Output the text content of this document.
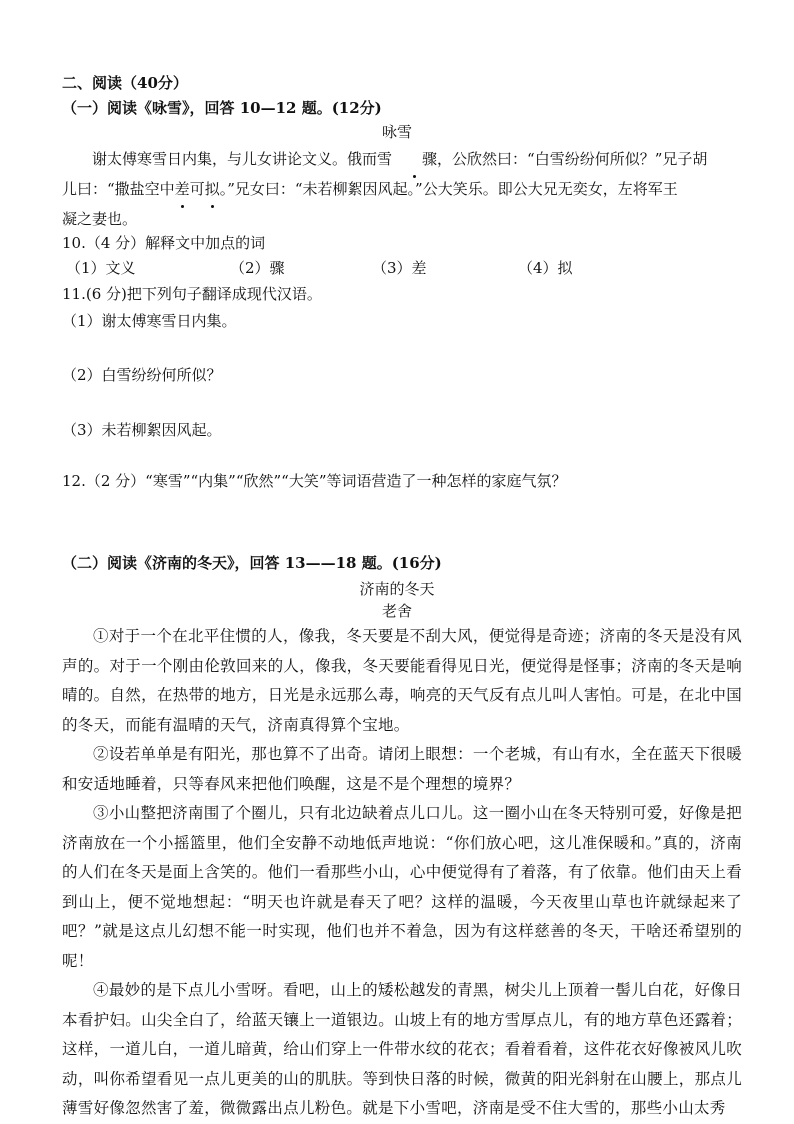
二、阅读（40分）
（一）阅读《咏雪》，回答 10—12 题。(12分)
咏雪

谢太傅寒雪日内集，与儿女讲论文义。俄而雪 骤，公欣然曰：“白雪纷纷何所似？”兄子胡

儿曰：“撒盐空中差可拟。”兄女曰：“未若柳絮因风起。”公大笑乐。即公大兄无奕女，左将军王
凝之妻也。
10.（4 分）解释文中加点的词
（1）文义	（2）骤	（3）差	（4）拟
11.(6 分)把下列句子翻译成现代汉语。
（1）谢太傅寒雪日内集。
（2）白雪纷纷何所似？
（3）未若柳絮因风起。
12.（2 分）“寒雪”“内集”“欣然”“大笑”等词语营造了一种怎样的家庭气氛？
（二）阅读《济南的冬天》，回答 13——18 题。(16分)
济南的冬天
老舍

①对于一个在北平住惯的人，像我，冬天要是不刮大风，便觉得是奇迹；济南的冬天是没有风声的。对于一个刚由伦敦回来的人，像我，冬天要能看得见日光，便觉得是怪事；济南的冬天是响晴的。自然，在热带的地方，日光是永远那么毒，响亮的天气反有点儿叫人害怕。可是，在北中国的冬天，而能有温晴的天气，济南真得算个宝地。

②设若单单是有阳光，那也算不了出奇。请闭上眼想：一个老城，有山有水，全在蓝天下很暖和安适地睡着，只等春风来把他们唤醒，这是不是个理想的境界？

③小山整把济南围了个圈儿，只有北边缺着点儿口儿。这一圈小山在冬天特别可爱，好像是把济南放在一个小摇篮里，他们全安静不动地低声地说：“你们放心吧，这儿准保暖和。”真的，济南的人们在冬天是面上含笑的。他们一看那些小山，心中便觉得有了着落，有了依靠。他们由天上看到山上，便不觉地想起：“明天也许就是春天了吧？这样的温暖，今天夜里山草也许就绿起来了吧？”就是这点儿幻想不能一时实现，他们也并不着急，因为有这样慈善的冬天，干啥还希望别的呢！

④最妙的是下点儿小雪呀。看吧，山上的矮松越发的青黑，树尖儿上顶着一髻儿白花，好像日本看护妇。山尖全白了，给蓝天镶上一道银边。山坡上有的地方雪厚点儿，有的地方草色还露着；这样，一道儿白，一道儿暗黄，给山们穿上一件带水纹的花衣；看着看着，这件花衣好像被风儿吹动，叫你希望看见一点儿更美的山的肌肤。等到快日落的时候，微黄的阳光斜射在山腰上，那点儿薄雪好像忽然害了羞，微微露出点儿粉色。就是下小雪吧，济南是受不住大雪的，那些小山太秀
